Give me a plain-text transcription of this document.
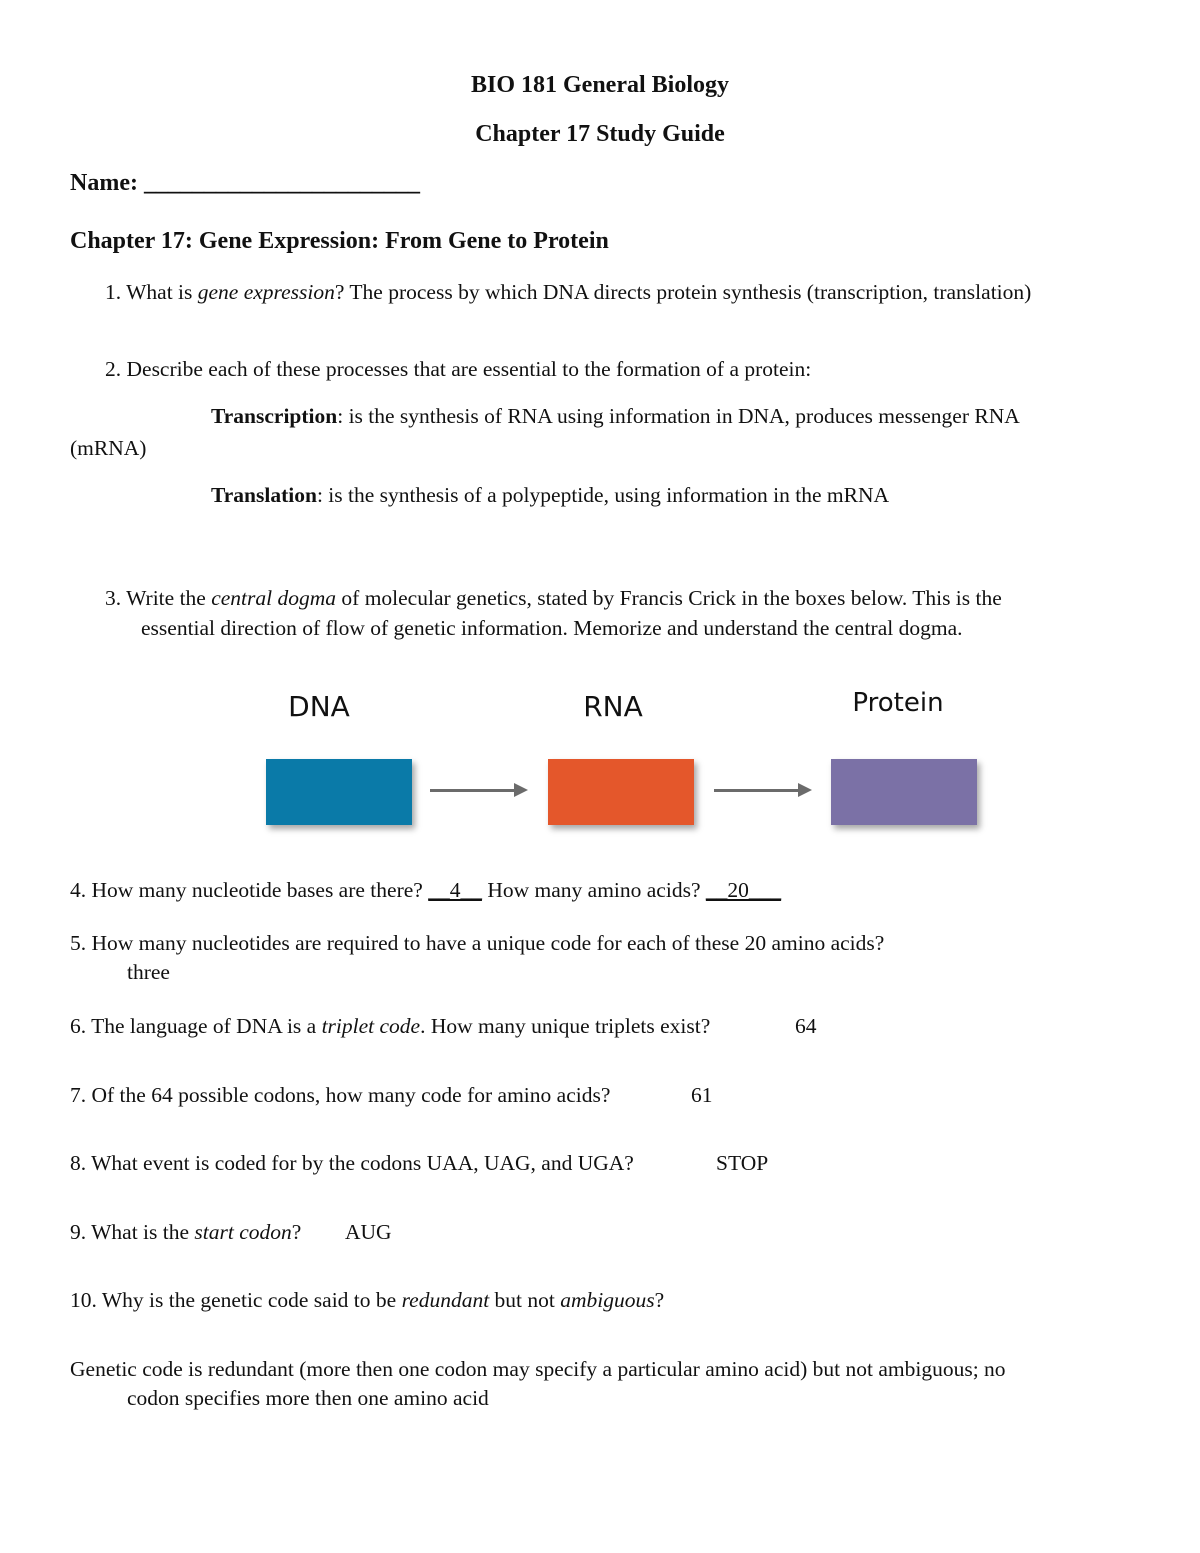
BIO 181 General Biology
Chapter 17 Study Guide
Name: _______________________
Chapter 17: Gene Expression: From Gene to Protein
1. What is gene expression? The process by which DNA directs protein synthesis (transcription, translation)
2. Describe each of these processes that are essential to the formation of a protein:
Transcription: is the synthesis of RNA using information in DNA, produces messenger RNA
(mRNA)
Translation: is the synthesis of a polypeptide, using information in the mRNA
3. Write the central dogma of molecular genetics, stated by Francis Crick in the boxes below. This is the
essential direction of flow of genetic information. Memorize and understand the central dogma.
DNA	RNA	Protein
4. How many nucleotide bases are there? __4__ How many amino acids? __20___
5. How many nucleotides are required to have a unique code for each of these 20 amino acids?
three
6. The language of DNA is a triplet code. How many unique triplets exist?	64
7. Of the 64 possible codons, how many code for amino acids?	61
8. What event is coded for by the codons UAA, UAG, and UGA?	STOP
9. What is the start codon? AUG
10. Why is the genetic code said to be redundant but not ambiguous?
Genetic code is redundant (more then one codon may specify a particular amino acid) but not ambiguous; no
codon specifies more then one amino acid
